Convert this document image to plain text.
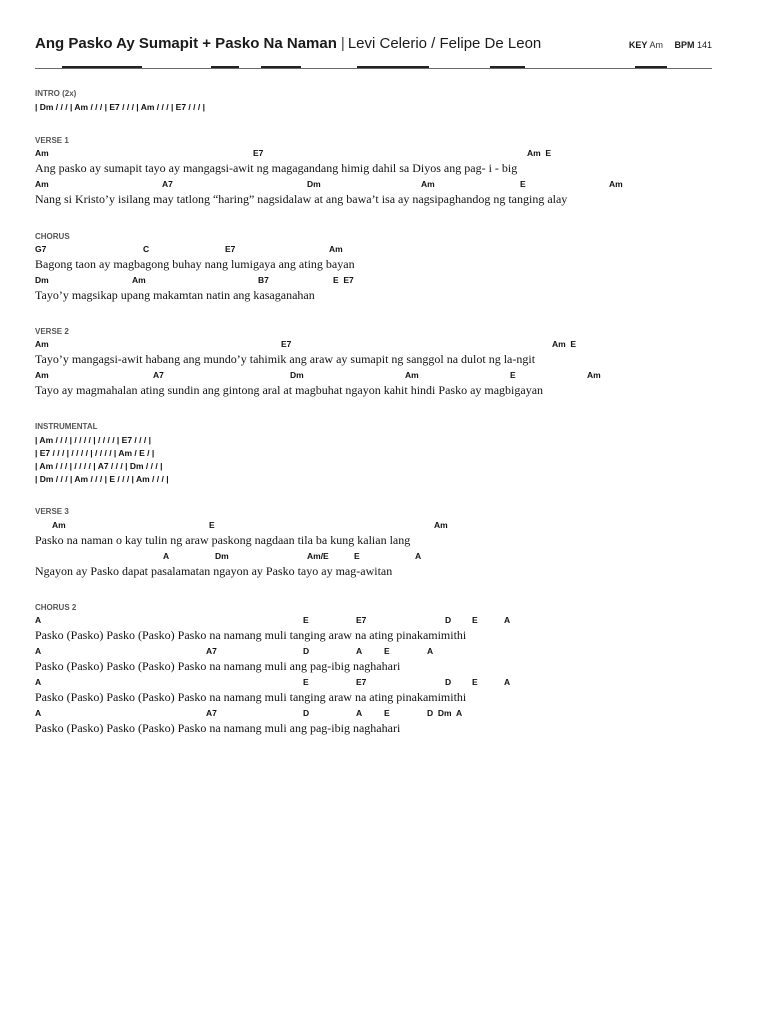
Ang Pasko Ay Sumapit + Pasko Na Naman | Levi Celerio / Felipe De Leon	KEY Am BPM 141
INTRO (2x)
| Dm / / / | Am / / / | E7 / / / | Am / / / | E7 / / / |
VERSE 1
Am	E7	Am  E
Ang pasko ay sumapit tayo ay mangagsi-awit ng magagandang himig dahil sa Diyos ang pag- i - big
Am	A7	Dm	Am	E	Am
Nang si Kristo’y isilang may tatlong “haring” nagsidalaw at ang bawa’t isa ay nagsipaghandog ng tanging alay
CHORUS
G7	C	E7	Am
Bagong taon ay magbagong buhay nang lumigaya ang ating bayan
Dm	Am	B7	E  E7
Tayo’y magsikap upang makamtan natin ang kasaganahan
VERSE 2
Am	E7	Am  E
Tayo’y mangagsi-awit habang ang mundo’y tahimik ang araw ay sumapit ng sanggol na dulot ng la-ngit
Am	A7	Dm	Am	E	Am
Tayo ay magmahalan ating sundin ang gintong aral at magbuhat ngayon kahit hindi Pasko ay magbigayan
INSTRUMENTAL
| Am / / / | / / / / | / / / / | E7 / / / |
| E7 / / / | / / / / | / / / / | Am / E / |
| Am / / / | / / / / | A7 / / / | Dm / / / |
| Dm / / / | Am / / / | E / / / | Am / / / |
VERSE 3
Am	E	Am
Pasko na naman o kay tulin ng araw paskong nagdaan tila ba kung kalian lang
A	Dm	Am/E	E	A
Ngayon ay Pasko dapat pasalamatan ngayon ay Pasko tayo ay mag-awitan
CHORUS 2
A	E	E7	D E	A
Pasko (Pasko) Pasko (Pasko) Pasko na namang muli tanging araw na ating pinakamimithi
A	A7	D	A	E	A
Pasko (Pasko) Pasko (Pasko) Pasko na namang muli ang pag-ibig naghahari
A	E	E7	D E	A
Pasko (Pasko) Pasko (Pasko) Pasko na namang muli tanging araw na ating pinakamimithi
A	A7	D	A	E	D  Dm  A
Pasko (Pasko) Pasko (Pasko) Pasko na namang muli ang pag-ibig naghahari
